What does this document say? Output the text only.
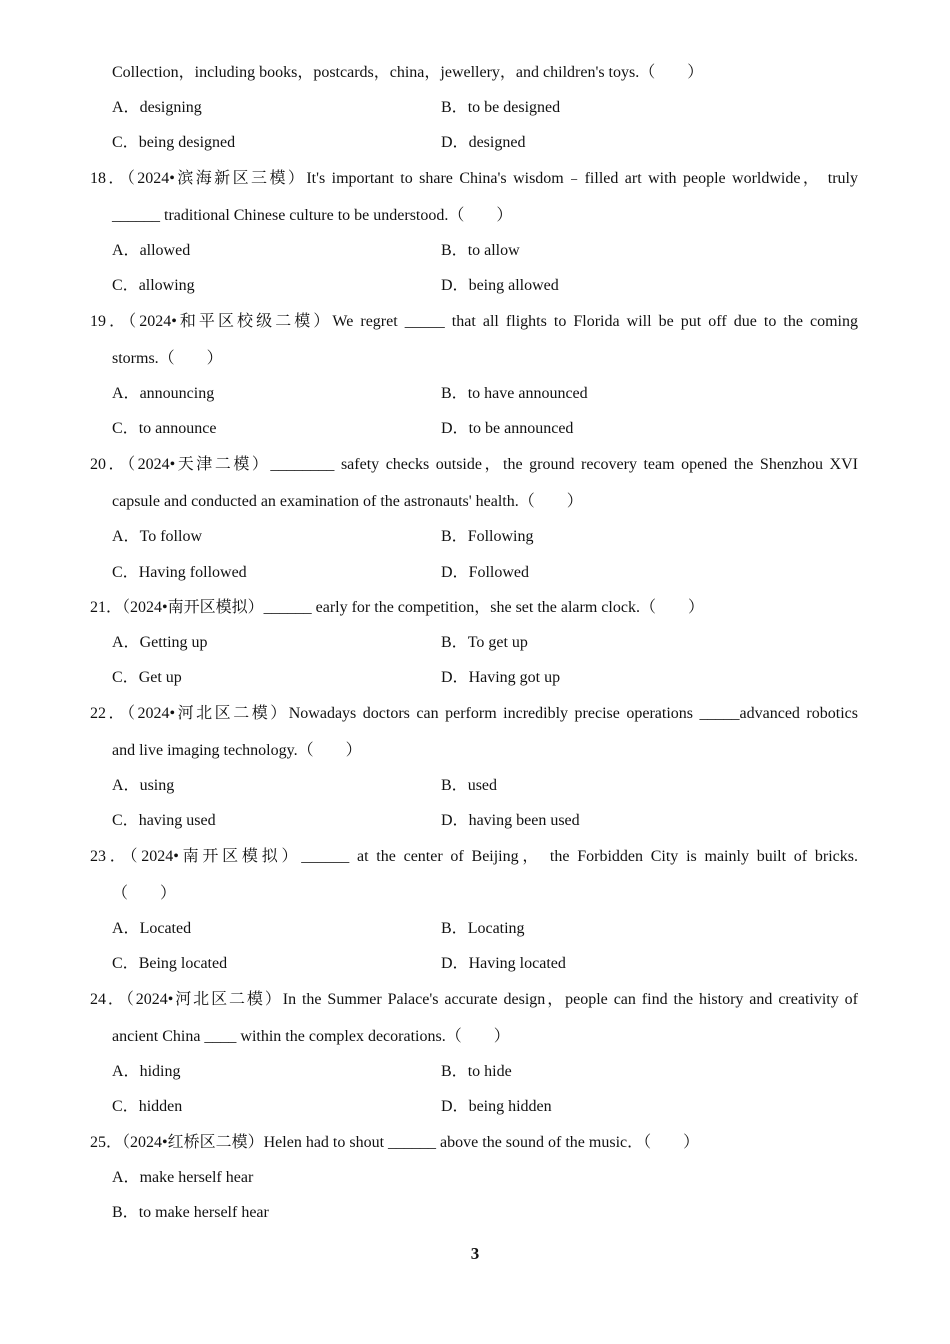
Collection，including books，postcards，china，jewellery，and children's toys.（　　）
A．designing	B．to be designed
C．being designed	D．designed
18．（2024•滨海新区三模）It's important to share China's wisdom﹣filled art with people worldwide， truly
______ traditional Chinese culture to be understood.（　　）
A．allowed	B．to allow
C．allowing	D．being allowed
19．（2024•和平区校级二模）We regret _____ that all flights to Florida will be put off due to the coming
storms.（　　）
A．announcing	B．to have announced
C．to announce	D．to be announced
20．（2024•天津二模）________ safety checks outside，the ground recovery team opened the Shenzhou XVI
capsule and conducted an examination of the astronauts' health.（　　）
A．To follow	B．Following
C．Having followed	D．Followed
21．（2024•南开区模拟）______ early for the competition，she set the alarm clock.（　　）
A．Getting up	B．To get up
C．Get up	D．Having got up
22．（2024•河北区二模）Nowadays doctors can perform incredibly precise operations _____advanced robotics
and live imaging technology.（　　）
A．using	B．used
C．having used	D．having been used
23．（2024•南开区模拟）______ at the center of Beijing， the Forbidden City is mainly built of bricks.
（　　）
A．Located	B．Locating
C．Being located	D．Having located
24．（2024•河北区二模）In the Summer Palace's accurate design，people can find the history and creativity of
ancient China ____ within the complex decorations.（　　）
A．hiding	B．to hide
C．hidden	D．being hidden
25．（2024•红桥区二模）Helen had to shout ______ above the sound of the music．（　　）
A．make herself hear
B．to make herself hear
3
